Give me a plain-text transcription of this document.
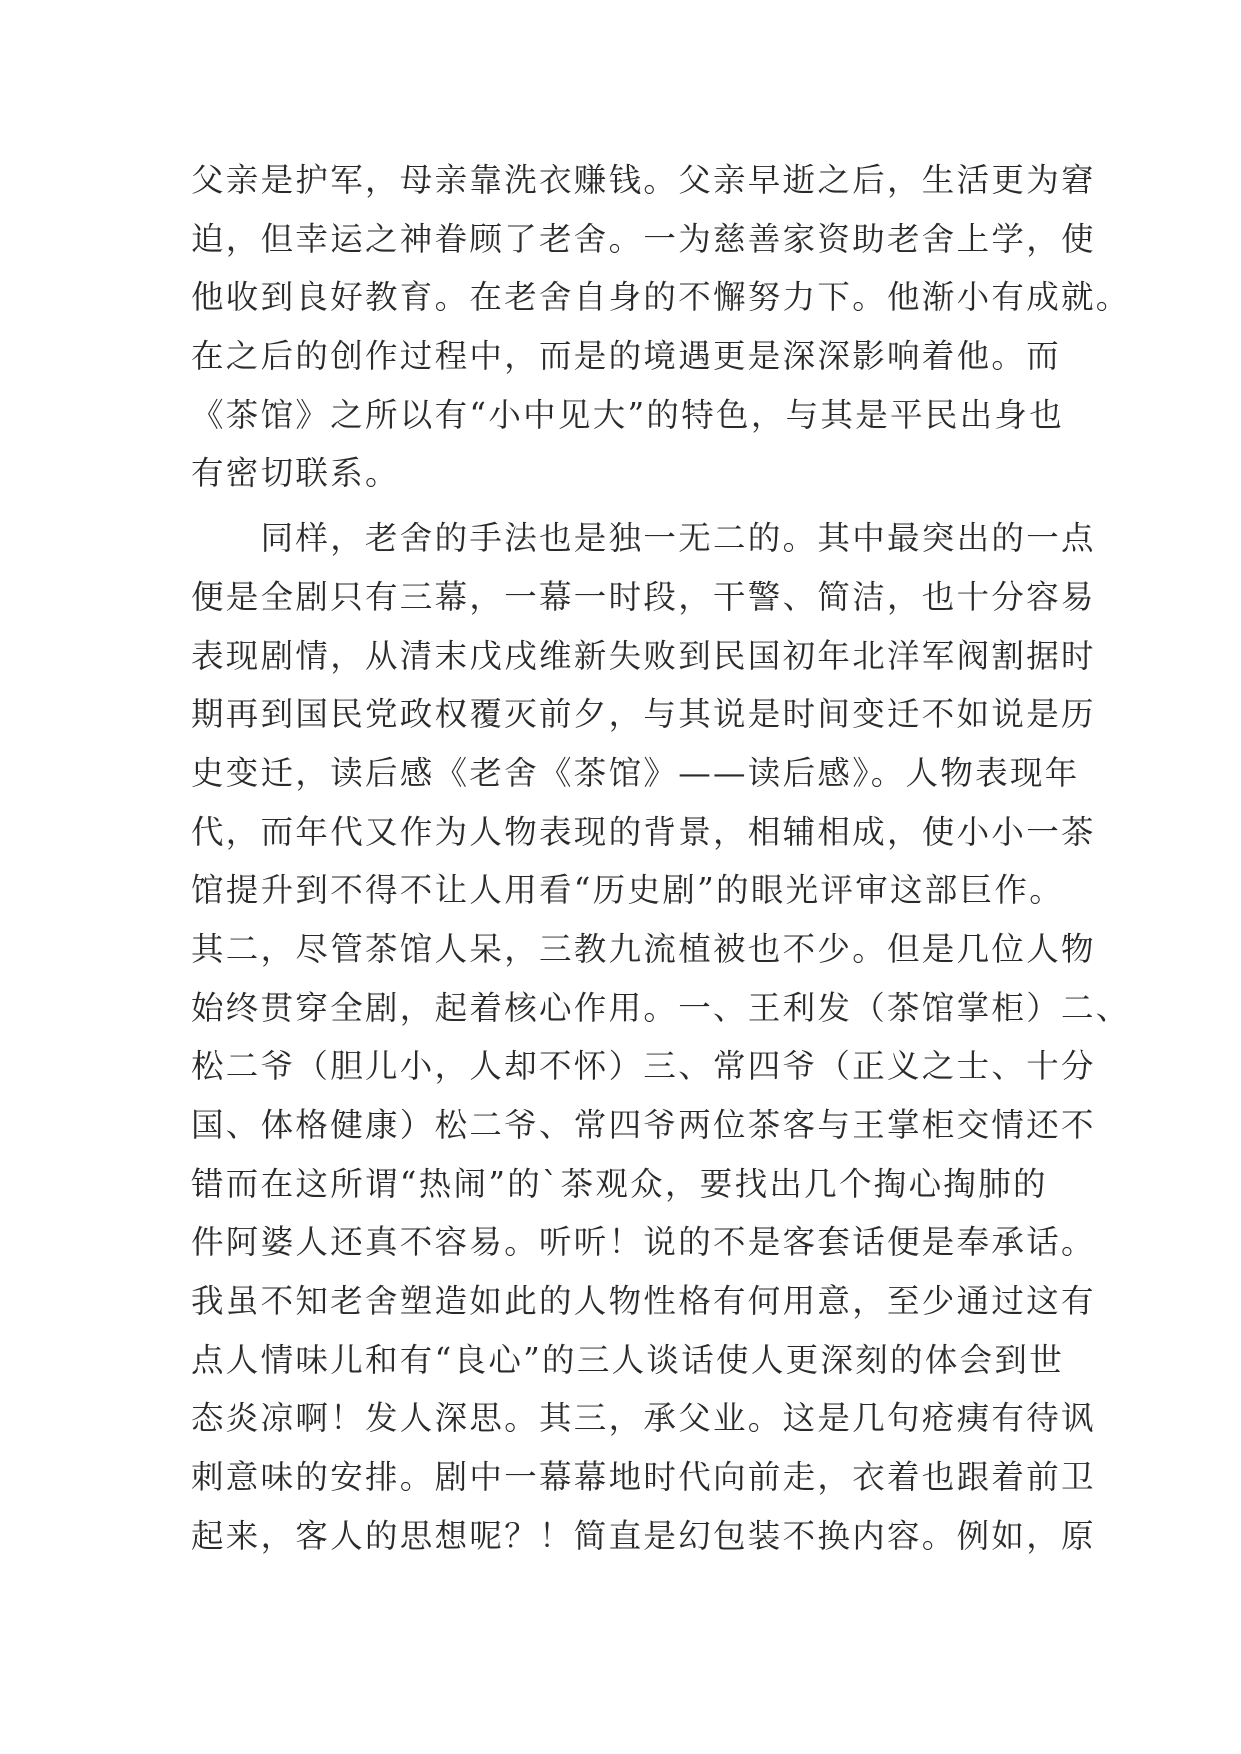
父亲是护军，母亲靠洗衣赚钱。父亲早逝之后，生活更为窘
迫，但幸运之神眷顾了老舍。一为慈善家资助老舍上学，使
他收到良好教育。在老舍自身的不懈努力下。他渐小有成就。
在之后的创作过程中，而是的境遇更是深深影响着他。而
《茶馆》之所以有“小中见大”的特色，与其是平民出身也
有密切联系。
　　同样，老舍的手法也是独一无二的。其中最突出的一点
便是全剧只有三幕，一幕一时段，干警、简洁，也十分容易
表现剧情，从清末戊戌维新失败到民国初年北洋军阀割据时
期再到国民党政权覆灭前夕，与其说是时间变迁不如说是历
史变迁，读后感《老舍《茶馆》——读后感》。人物表现年
代，而年代又作为人物表现的背景，相辅相成，使小小一茶
馆提升到不得不让人用看“历史剧”的眼光评审这部巨作。
其二，尽管茶馆人呆，三教九流植被也不少。但是几位人物
始终贯穿全剧，起着核心作用。一、王利发（茶馆掌柜）二、
松二爷（胆儿小，人却不怀）三、常四爷（正义之士、十分
国、体格健康）松二爷、常四爷两位茶客与王掌柜交情还不
错而在这所谓“热闹”的`茶观众，要找出几个掏心掏肺的
件阿婆人还真不容易。听听！说的不是客套话便是奉承话。
我虽不知老舍塑造如此的人物性格有何用意，至少通过这有
点人情味儿和有“良心”的三人谈话使人更深刻的体会到世
态炎凉啊！发人深思。其三，承父业。这是几句疮痍有待讽
刺意味的安排。剧中一幕幕地时代向前走，衣着也跟着前卫
起来，客人的思想呢？！简直是幻包装不换内容。例如，原
